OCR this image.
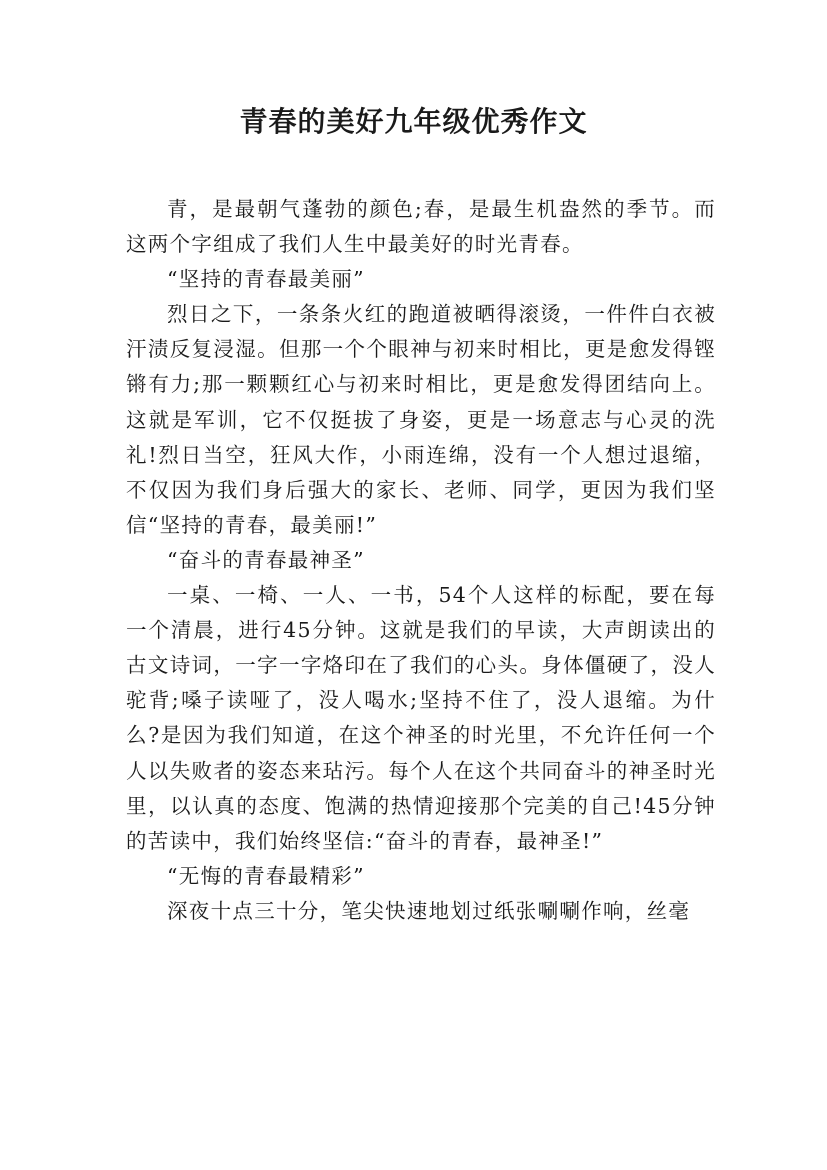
青春的美好九年级优秀作文

青，是最朝气蓬勃的颜色;春，是最生机盎然的季节。而这两个字组成了我们人生中最美好的时光青春。

“坚持的青春最美丽”

烈日之下，一条条火红的跑道被晒得滚烫，一件件白衣被汗渍反复浸湿。但那一个个眼神与初来时相比，更是愈发得铿锵有力;那一颗颗红心与初来时相比，更是愈发得团结向上。这就是军训，它不仅挺拔了身姿，更是一场意志与心灵的洗礼!烈日当空，狂风大作，小雨连绵，没有一个人想过退缩，不仅因为我们身后强大的家长、老师、同学，更因为我们坚信“坚持的青春，最美丽!”

“奋斗的青春最神圣”

一桌、一椅、一人、一书，54个人这样的标配，要在每一个清晨，进行45分钟。这就是我们的早读，大声朗读出的古文诗词，一字一字烙印在了我们的心头。身体僵硬了，没人驼背;嗓子读哑了，没人喝水;坚持不住了，没人退缩。为什么?是因为我们知道，在这个神圣的时光里，不允许任何一个人以失败者的姿态来玷污。每个人在这个共同奋斗的神圣时光里，以认真的态度、饱满的热情迎接那个完美的自己!45分钟的苦读中，我们始终坚信:“奋斗的青春，最神圣!”

“无悔的青春最精彩”

深夜十点三十分，笔尖快速地划过纸张唰唰作响，丝毫
